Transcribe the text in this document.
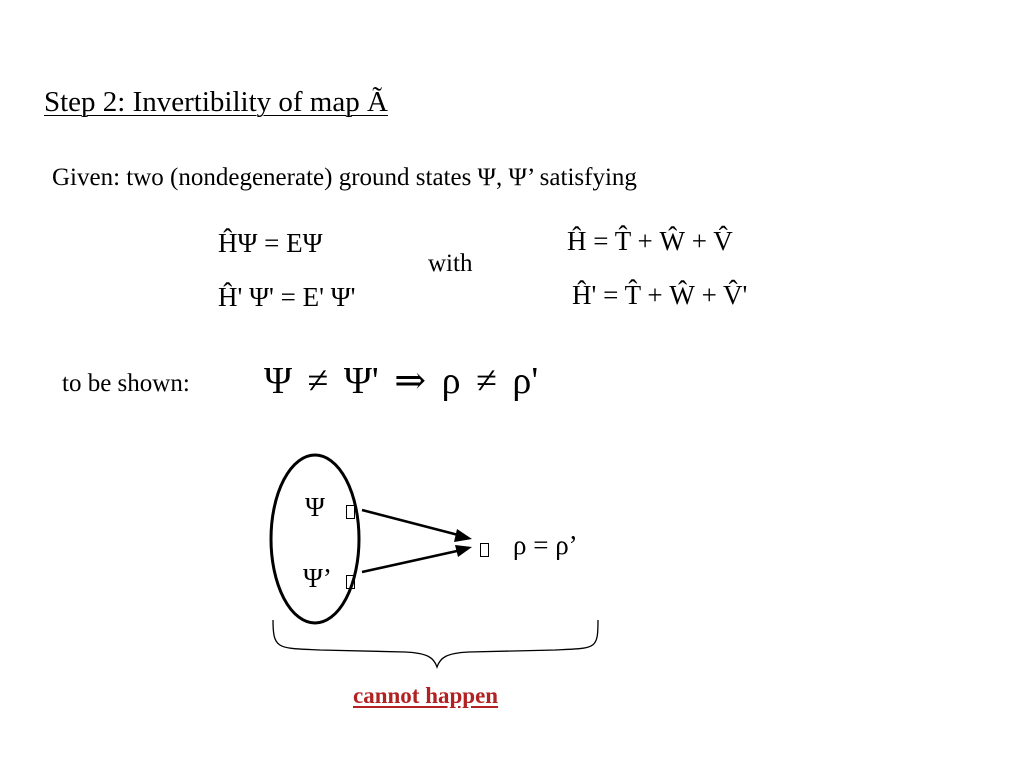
Step 2: Invertibility of map Ã
Given: two (nondegenerate) ground states Ψ, Ψ’ satisfying
ĤΨ = EΨ
Ĥ' Ψ' = E' Ψ'
with
Ĥ = T̂ + Ŵ + V̂
Ĥ' = T̂ + Ŵ + V̂'
to be shown: Ψ ≠ Ψ' ⇒ ρ ≠ ρ'
Ψ
Ψ’
ρ = ρ’
cannot happen
